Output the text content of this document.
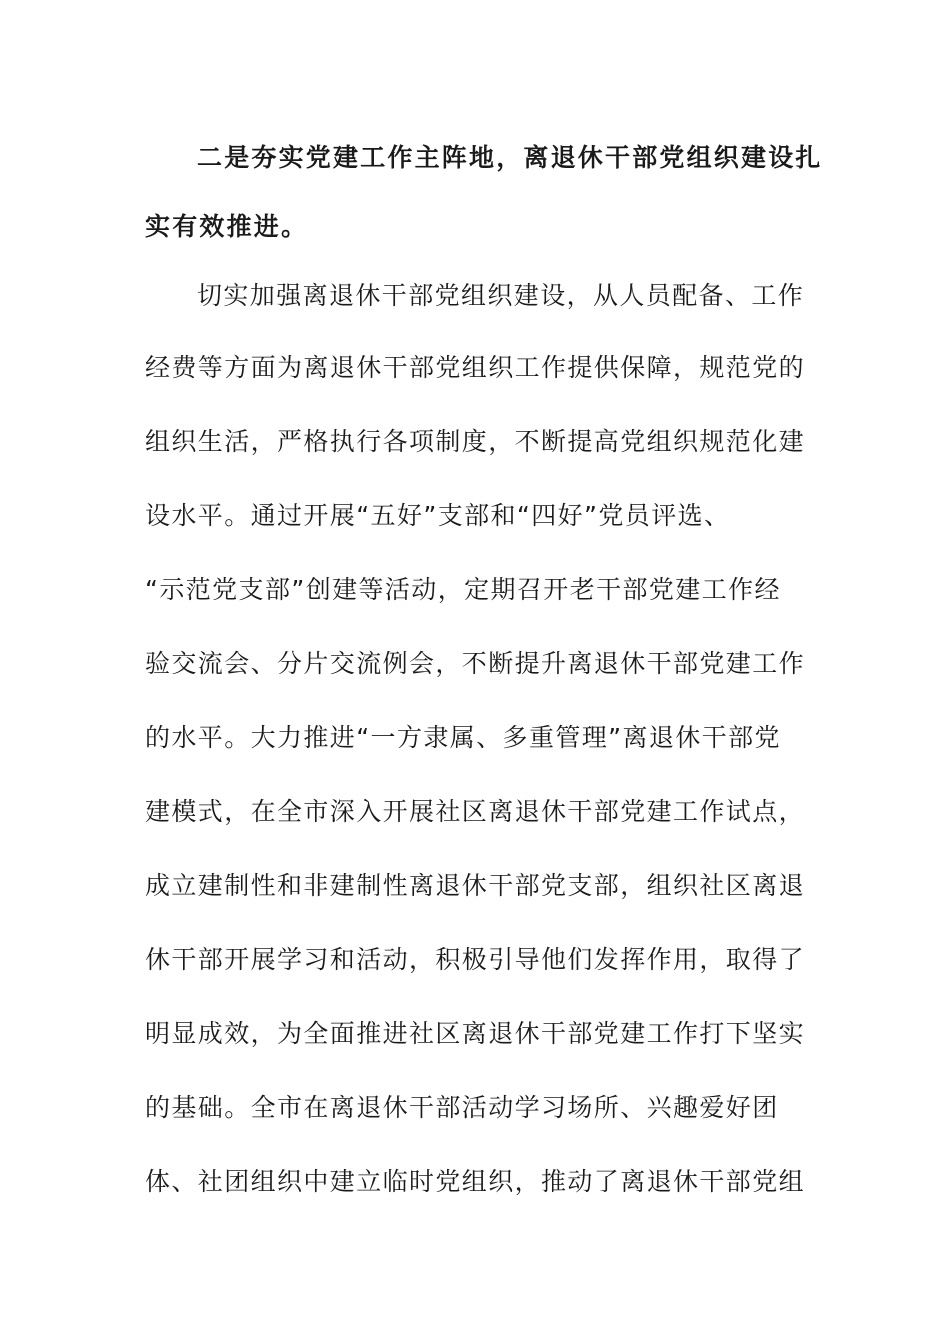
二是夯实党建工作主阵地，离退休干部党组织建设扎
实有效推进。
切实加强离退休干部党组织建设，从人员配备、工作
经费等方面为离退休干部党组织工作提供保障，规范党的
组织生活，严格执行各项制度，不断提高党组织规范化建
设水平。通过开展“五好”支部和“四好”党员评选、
“示范党支部”创建等活动，定期召开老干部党建工作经
验交流会、分片交流例会，不断提升离退休干部党建工作
的水平。大力推进“一方隶属、多重管理”离退休干部党
建模式，在全市深入开展社区离退休干部党建工作试点，
成立建制性和非建制性离退休干部党支部，组织社区离退
休干部开展学习和活动，积极引导他们发挥作用，取得了
明显成效，为全面推进社区离退休干部党建工作打下坚实
的基础。全市在离退休干部活动学习场所、兴趣爱好团
体、社团组织中建立临时党组织，推动了离退休干部党组
